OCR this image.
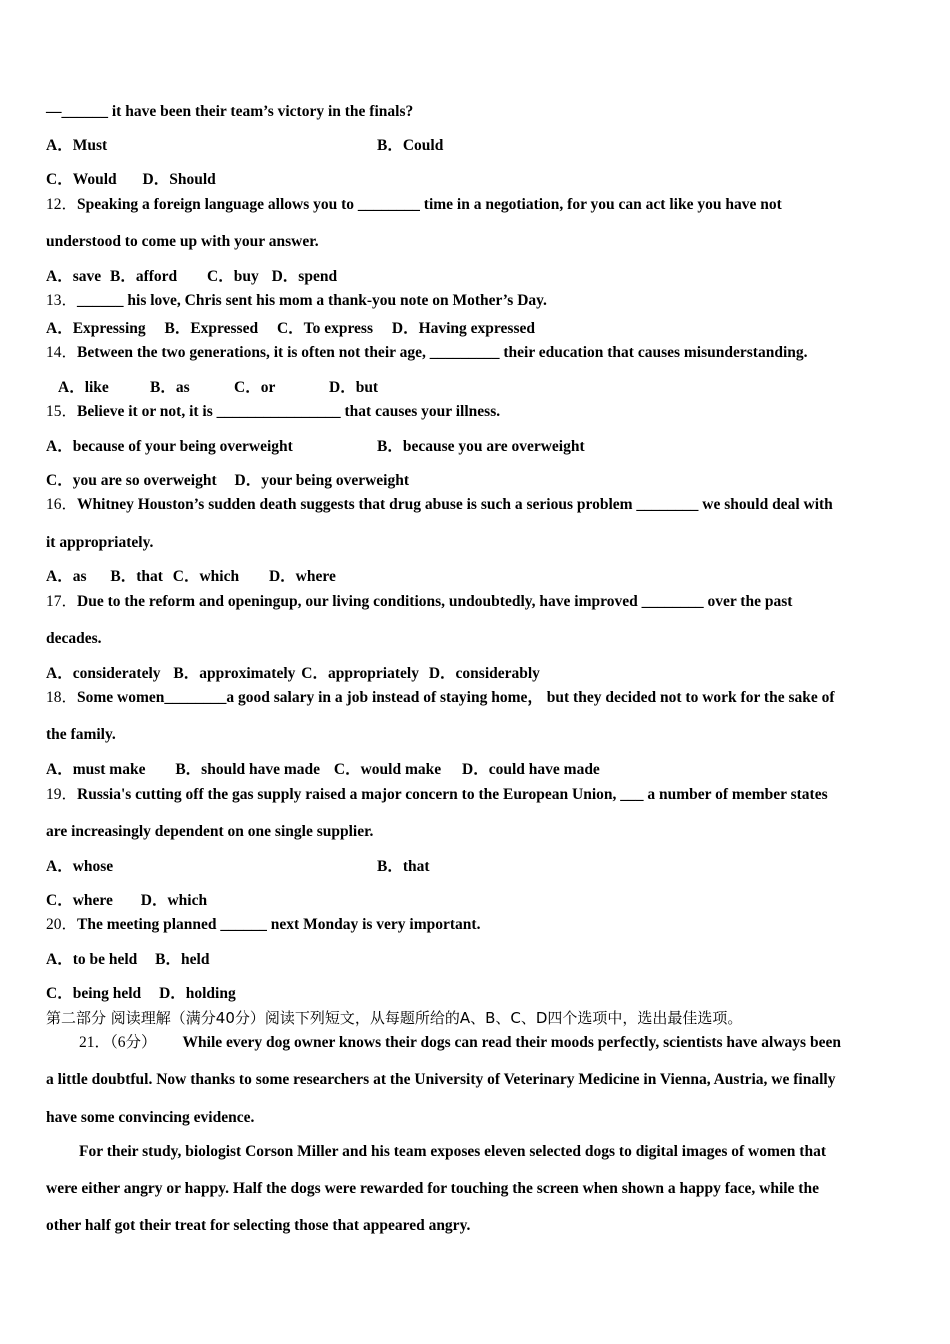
—______ it have been their team’s victory in the finals?
A．Must	B．Could
C．Would D．Should
12．Speaking a foreign language allows you to ________ time in a negotiation, for you can act like you have not
understood to come up with your answer.
A．save B．afford C．buy D．spend
13．______ his love, Chris sent his mom a thank-you note on Mother’s Day.
A．Expressing B．Expressed C．To express D．Having expressed
14．Between the two generations, it is often not their age, _________ their education that causes misunderstanding.
A．like	B．as	C．or	D．but
15．Believe it or not, it is ________________ that causes your illness.
A．because of your being overweight	B．because you are overweight
C．you are so overweight D．your being overweight
16．Whitney Houston’s sudden death suggests that drug abuse is such a serious problem ________ we should deal with
it appropriately.
A．as B．that C．which D．where
17．Due to the reform and openingup, our living conditions, undoubtedly, have improved ________ over the past
decades.
A．considerately B．approximately C．appropriately D．considerably
18．Some women________a good salary in a job instead of staying home， but they decided not to work for the sake of
the family.
A．must make B．should have made C．would make D．could have made
19．Russia's cutting off the gas supply raised a major concern to the European Union, ___ a number of member states
are increasingly dependent on one single supplier.
A．whose	B．that
C．where D．which
20．The meeting planned ______ next Monday is very important.
A．to be held B．held
C．being held D．holding
第二部分 阅读理解（满分40分）阅读下列短文，从每题所给的A、B、C、D四个选项中，选出最佳选项。
21．（6分） While every dog owner knows their dogs can read their moods perfectly, scientists have always been
a little doubtful. Now thanks to some researchers at the University of Veterinary Medicine in Vienna, Austria, we finally
have some convincing evidence.
For their study, biologist Corson Miller and his team exposes eleven selected dogs to digital images of women that
were either angry or happy. Half the dogs were rewarded for touching the screen when shown a happy face, while the
other half got their treat for selecting those that appeared angry.
